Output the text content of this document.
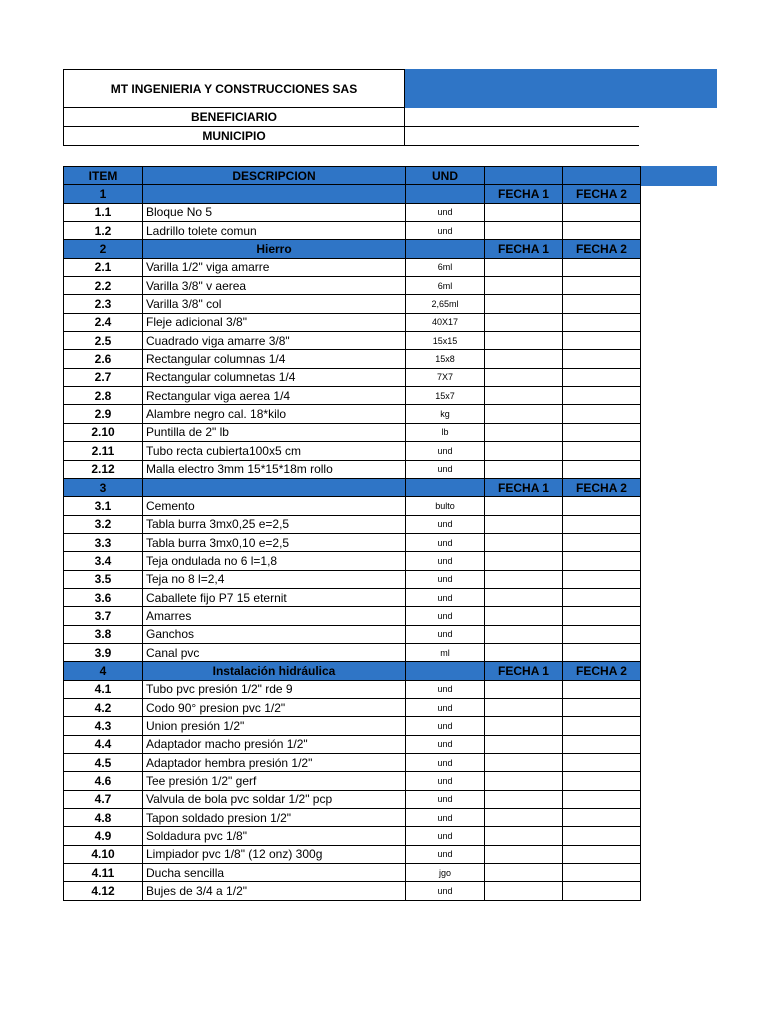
MT INGENIERIA Y CONSTRUCCIONES SAS
BENEFICIARIO
MUNICIPIO
ITEM	DESCRIPCION	UND		
1			FECHA 1	FECHA 2
1.1	Bloque No 5	und		
1.2	Ladrillo tolete comun	und		
2	Hierro		FECHA 1	FECHA 2
2.1	Varilla 1/2" viga amarre	6ml		
2.2	Varilla 3/8" v aerea	6ml		
2.3	Varilla 3/8" col	2,65ml		
2.4	Fleje adicional 3/8"	40X17		
2.5	Cuadrado viga amarre 3/8"	15x15		
2.6	Rectangular columnas 1/4	15x8		
2.7	Rectangular columnetas 1/4	7X7		
2.8	Rectangular viga aerea 1/4	15x7		
2.9	Alambre negro cal. 18*kilo	kg		
2.10	Puntilla de 2" lb	lb		
2.11	Tubo recta cubierta100x5 cm	und		
2.12	Malla electro 3mm 15*15*18m rollo	und		
3			FECHA 1	FECHA 2
3.1	Cemento	bulto		
3.2	Tabla burra 3mx0,25 e=2,5	und		
3.3	Tabla burra 3mx0,10 e=2,5	und		
3.4	Teja ondulada no 6 l=1,8	und		
3.5	Teja no 8 l=2,4	und		
3.6	Caballete fijo P7 15 eternit	und		
3.7	Amarres	und		
3.8	Ganchos	und		
3.9	Canal pvc	ml		
4	Instalación hidráulica		FECHA 1	FECHA 2
4.1	Tubo pvc presión 1/2" rde 9	und		
4.2	Codo 90° presion pvc 1/2"	und		
4.3	Union presión 1/2"	und		
4.4	Adaptador macho presión 1/2"	und		
4.5	Adaptador hembra presión 1/2"	und		
4.6	Tee presión 1/2" gerf	und		
4.7	Valvula de bola pvc soldar 1/2" pcp	und		
4.8	Tapon soldado presion 1/2"	und		
4.9	Soldadura pvc 1/8"	und		
4.10	Limpiador pvc 1/8" (12 onz) 300g	und		
4.11	Ducha sencilla	jgo		
4.12	Bujes de 3/4 a 1/2"	und		
